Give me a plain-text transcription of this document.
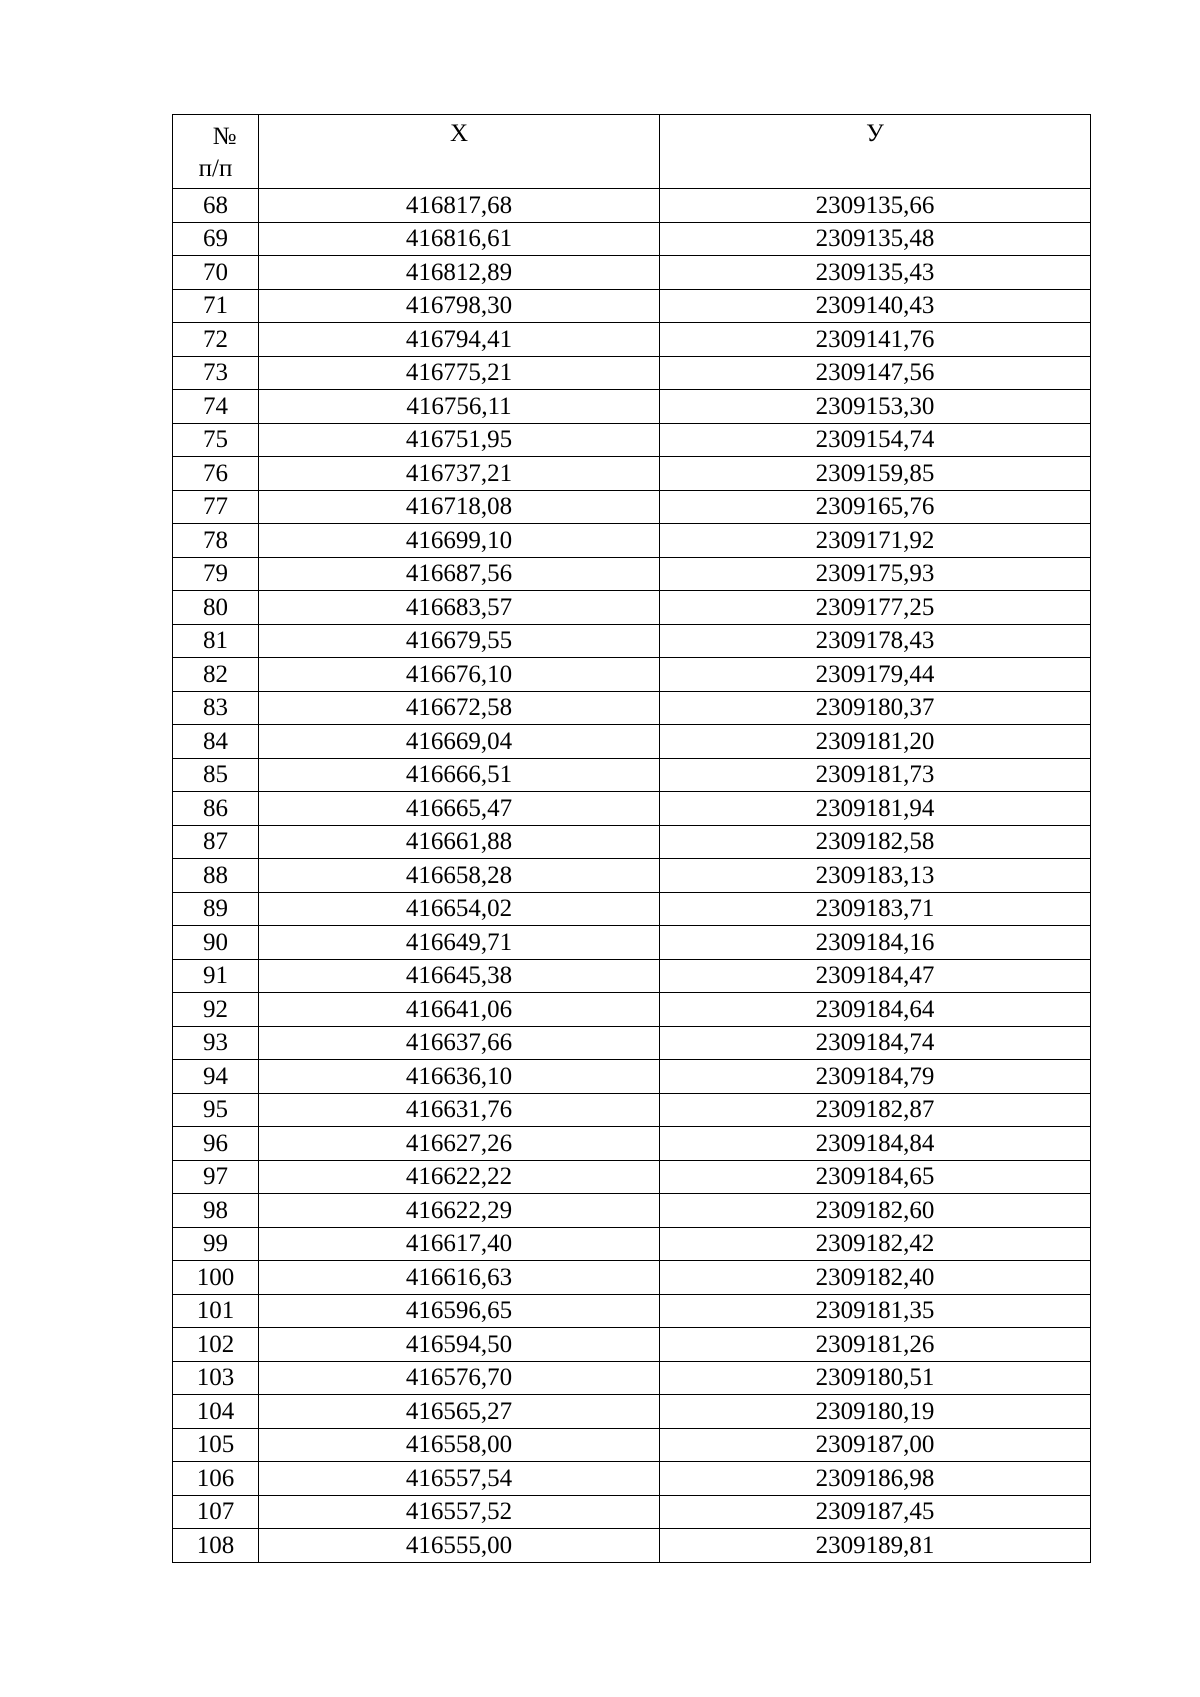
№
п/п	Х	У
68	416817,68	2309135,66
69	416816,61	2309135,48
70	416812,89	2309135,43
71	416798,30	2309140,43
72	416794,41	2309141,76
73	416775,21	2309147,56
74	416756,11	2309153,30
75	416751,95	2309154,74
76	416737,21	2309159,85
77	416718,08	2309165,76
78	416699,10	2309171,92
79	416687,56	2309175,93
80	416683,57	2309177,25
81	416679,55	2309178,43
82	416676,10	2309179,44
83	416672,58	2309180,37
84	416669,04	2309181,20
85	416666,51	2309181,73
86	416665,47	2309181,94
87	416661,88	2309182,58
88	416658,28	2309183,13
89	416654,02	2309183,71
90	416649,71	2309184,16
91	416645,38	2309184,47
92	416641,06	2309184,64
93	416637,66	2309184,74
94	416636,10	2309184,79
95	416631,76	2309182,87
96	416627,26	2309184,84
97	416622,22	2309184,65
98	416622,29	2309182,60
99	416617,40	2309182,42
100	416616,63	2309182,40
101	416596,65	2309181,35
102	416594,50	2309181,26
103	416576,70	2309180,51
104	416565,27	2309180,19
105	416558,00	2309187,00
106	416557,54	2309186,98
107	416557,52	2309187,45
108	416555,00	2309189,81
